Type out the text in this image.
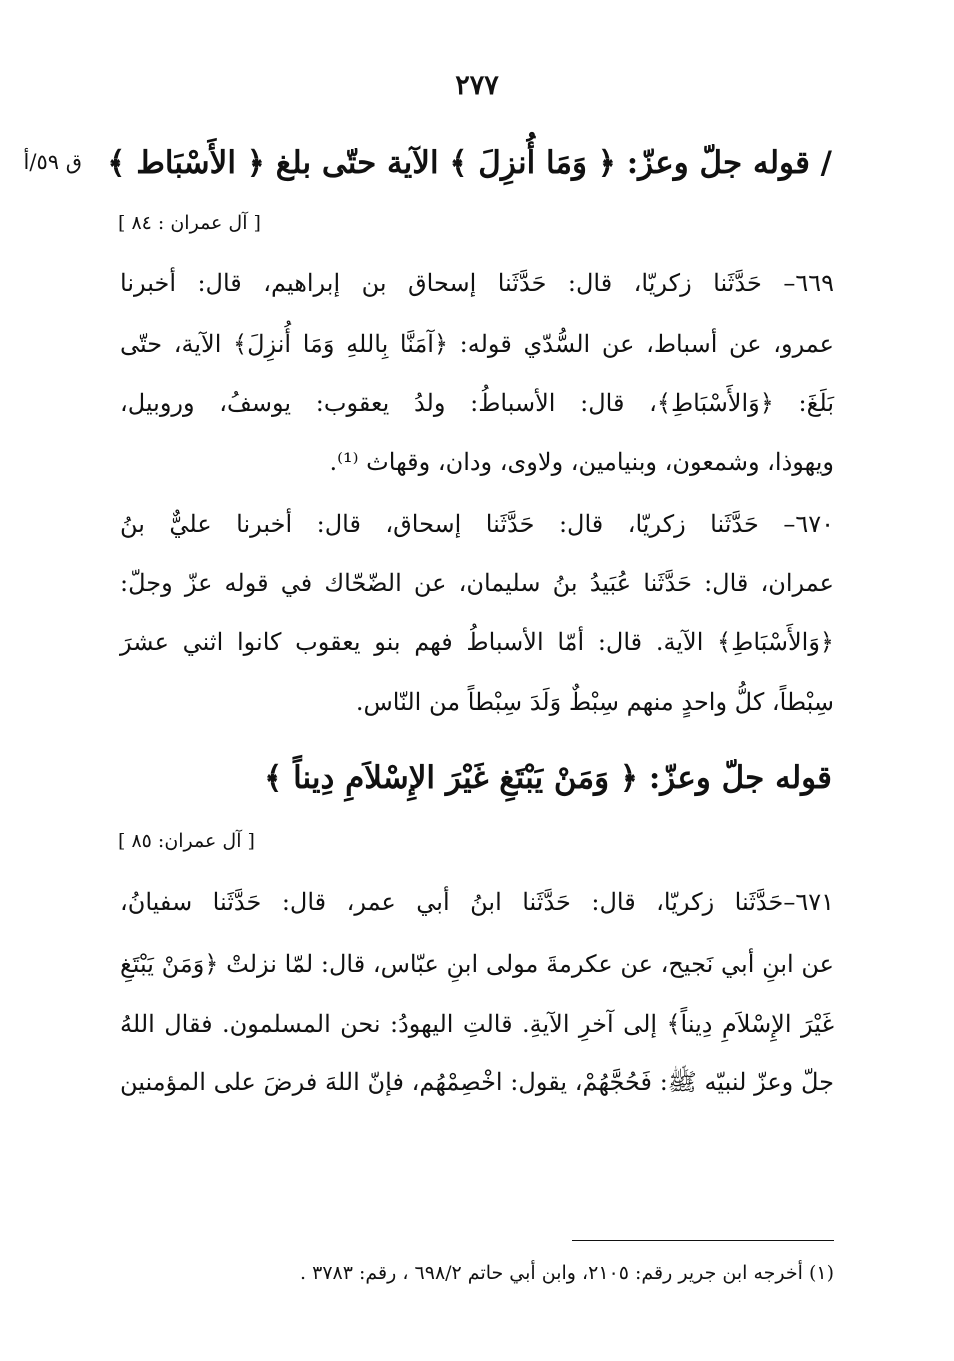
٢٧٧
ق ٥٩/أ / قوله جلّ وعزّ: ﴿ وَمَا أُنزِلَ ﴾ الآية حتّى بلغ ﴿ الأَسْبَاط ﴾
[ آل عمران : ٨٤ ]
٦٦٩– حَدَّثَنا زكريّا، قال: حَدَّثَنا إسحاق بن إبراهيم، قال: أخبرنا
عمرو، عن أسباط، عن السُّدّي قوله: ﴿آمَنَّا بِاللهِ وَمَا أُنزِلَ﴾ الآية، حتّى
بَلَغَ: ﴿وَالأَسْبَاطِ﴾، قال: الأسباطُ: ولدُ يعقوب: يوسفُ، وروبيل،
ويهوذا، وشمعون، وبنيامين، ولاوى، ودان، وقهاث ⁽¹⁾.
٦٧٠– حَدَّثَنا زكريّا، قال: حَدَّثَنا إسحاق، قال: أخبرنا عليٌّ بنُ
عمران، قال: حَدَّثَنا عُبَيدُ بنُ سليمان، عن الضّحّاك في قوله عزّ وجلّ:
﴿وَالأَسْبَاطِ﴾ الآية. قال: أمّا الأسباطُ فهم بنو يعقوب كانوا اثني عشرَ
سِبْطاً، كلُّ واحدٍ منهم سِبْطٌ وَلَدَ سِبْطاً من النّاس.
قوله جلّ وعزّ: ﴿ وَمَنْ يَبْتَغِ غَيْرَ الإِسْلاَمِ دِيناً ﴾
[ آل عمران: ٨٥ ]
٦٧١–حَدَّثَنا زكريّا، قال: حَدَّثَنا ابنُ أبي عمر، قال: حَدَّثَنا سفيانُ،
عن ابنِ أبي نَجيح، عن عكرمةَ مولى ابنِ عبّاس، قال: لمّا نزلتْ ﴿وَمَنْ يَبْتَغِ
غَيْرَ الإِسْلاَمِ دِيناً﴾ إلى آخرِ الآيةِ. قالتِ اليهودُ: نحن المسلمون. فقال اللهُ
جلّ وعزّ لنبيّه ﷺ: فَحُجَّهُمْ، يقول: اخْصِمْهُم، فإنّ اللهَ فرضَ على المؤمنين
(١) أخرجه ابن جرير رقم: ٢١٠٥، وابن أبي حاتم ٦٩٨/٢ ، رقم: ٣٧٨٣ .
